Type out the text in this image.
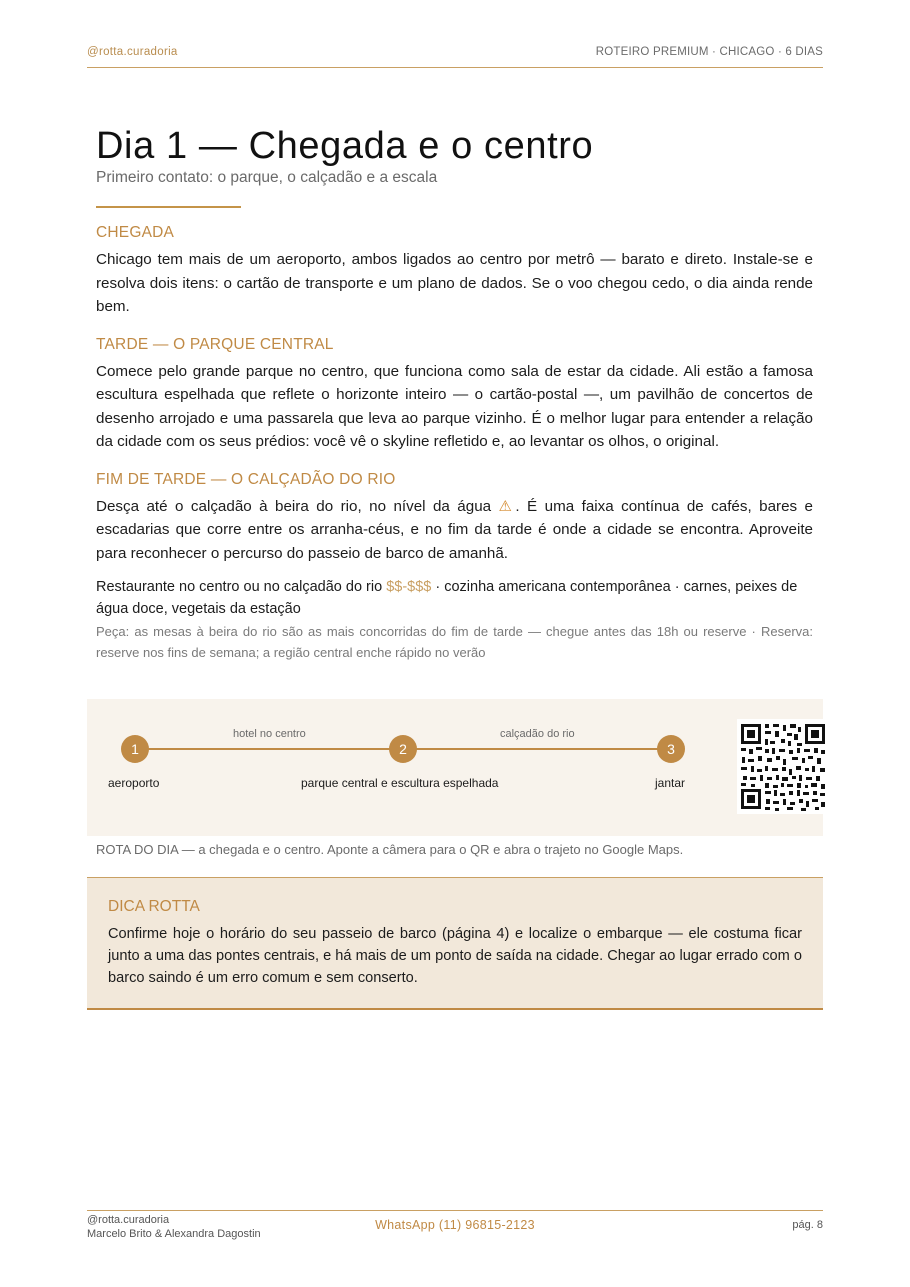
@rotta.curadoria	ROTEIRO PREMIUM · CHICAGO · 6 DIAS
Dia 1 — Chegada e o centro
Primeiro contato: o parque, o calçadão e a escala
CHEGADA

Chicago tem mais de um aeroporto, ambos ligados ao centro por metrô — barato e direto. Instale-se e resolva dois itens: o cartão de transporte e um plano de dados. Se o voo chegou cedo, o dia ainda rende bem.

TARDE — O PARQUE CENTRAL

Comece pelo grande parque no centro, que funciona como sala de estar da cidade. Ali estão a famosa escultura espelhada que reflete o horizonte inteiro — o cartão-postal —, um pavilhão de concertos de desenho arrojado e uma passarela que leva ao parque vizinho. É o melhor lugar para entender a relação da cidade com os seus prédios: você vê o skyline refletido e, ao levantar os olhos, o original.

FIM DE TARDE — O CALÇADÃO DO RIO

Desça até o calçadão à beira do rio, no nível da água ⚠. É uma faixa contínua de cafés, bares e escadarias que corre entre os arranha-céus, e no fim da tarde é onde a cidade se encontra. Aproveite para reconhecer o percurso do passeio de barco de amanhã.

Restaurante no centro ou no calçadão do rio $$-$$$ · cozinha americana contemporânea · carnes, peixes de água doce, vegetais da estação
Peça: as mesas à beira do rio são as mais concorridas do fim de tarde — chegue antes das 18h ou reserve · Reserva: reserve nos fins de semana; a região central enche rápido no verão
1	2	3
hotel no centro	calçadão do rio
aeroporto	parque central e escultura espelhada	jantar
ROTA DO DIA — a chegada e o centro. Aponte a câmera para o QR e abra o trajeto no Google Maps.
DICA ROTTA

Confirme hoje o horário do seu passeio de barco (página 4) e localize o embarque — ele costuma ficar junto a uma das pontes centrais, e há mais de um ponto de saída na cidade. Chegar ao lugar errado com o barco saindo é um erro comum e sem conserto.

@rotta.curadoria
Marcelo Brito & Alexandra Dagostin
WhatsApp (11) 96815-2123	pág. 8
